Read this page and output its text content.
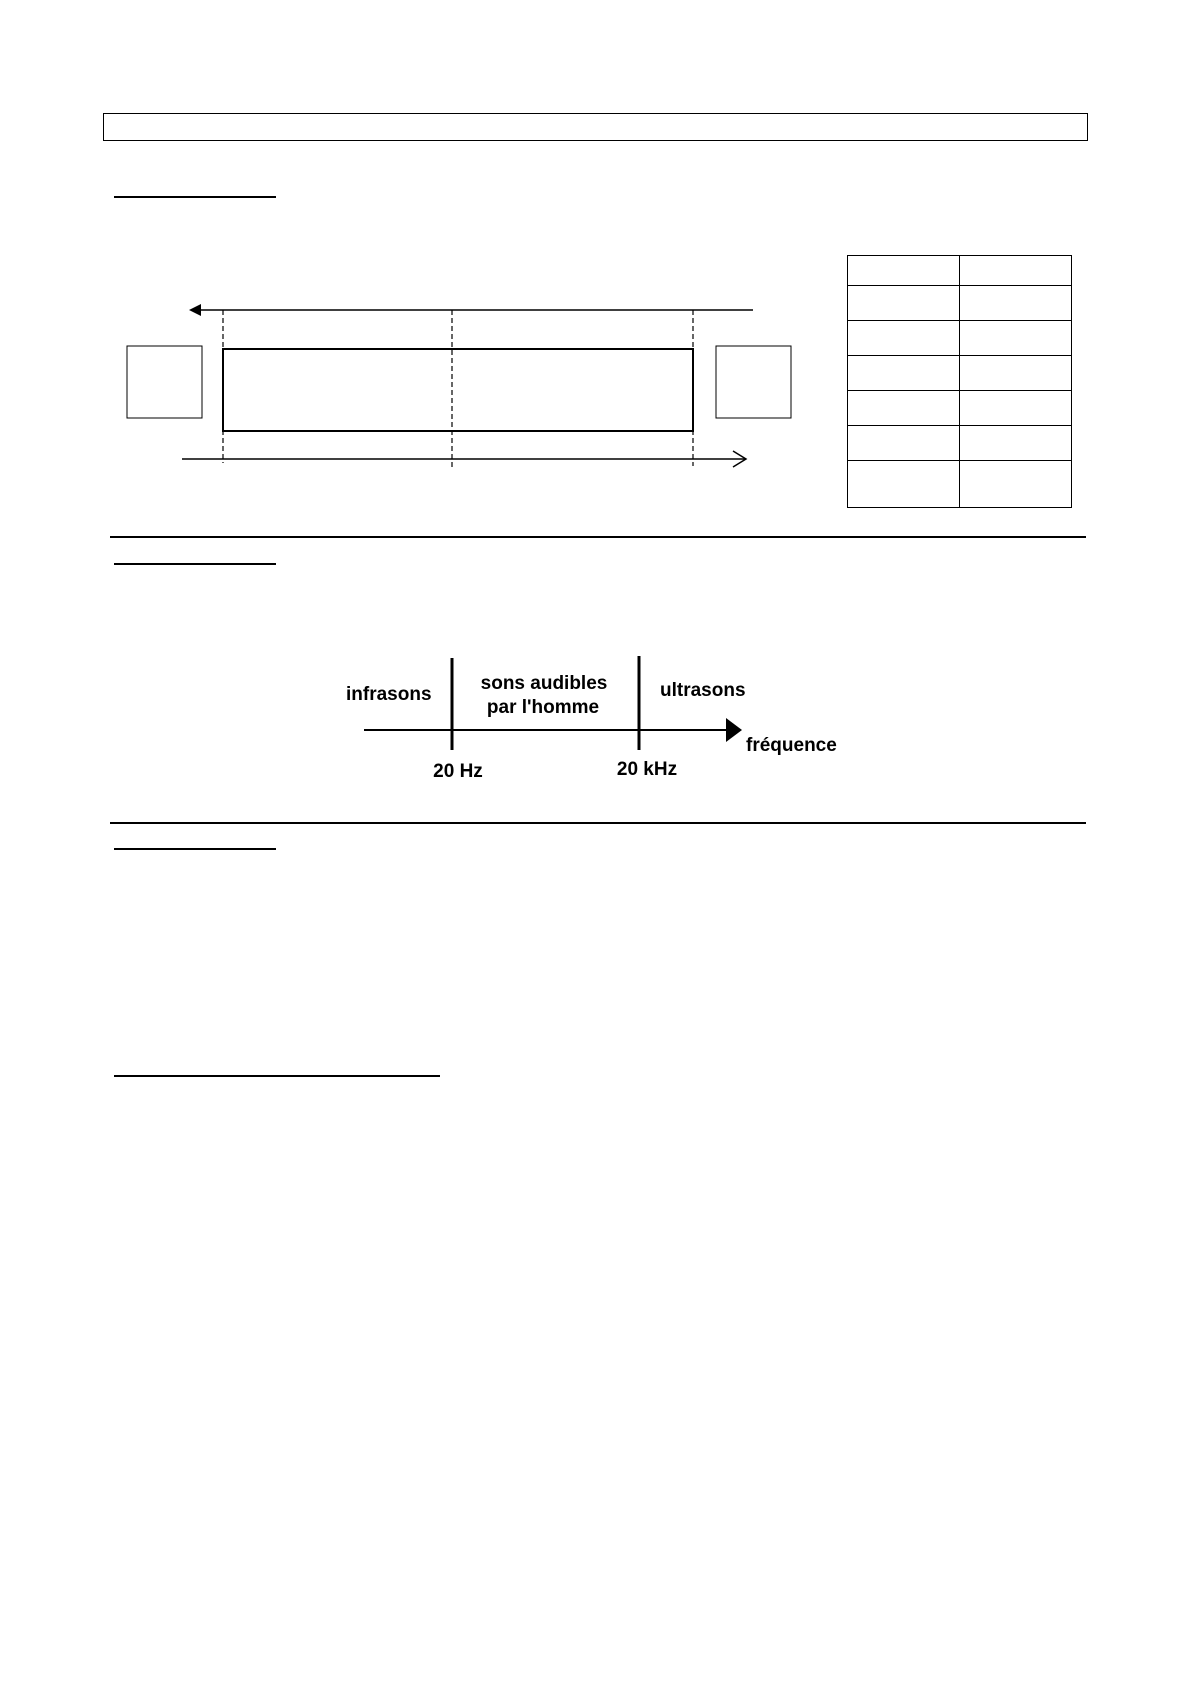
infrasons
sons audibles
par l'homme
ultrasons
fréquence
20 Hz	20 kHz
